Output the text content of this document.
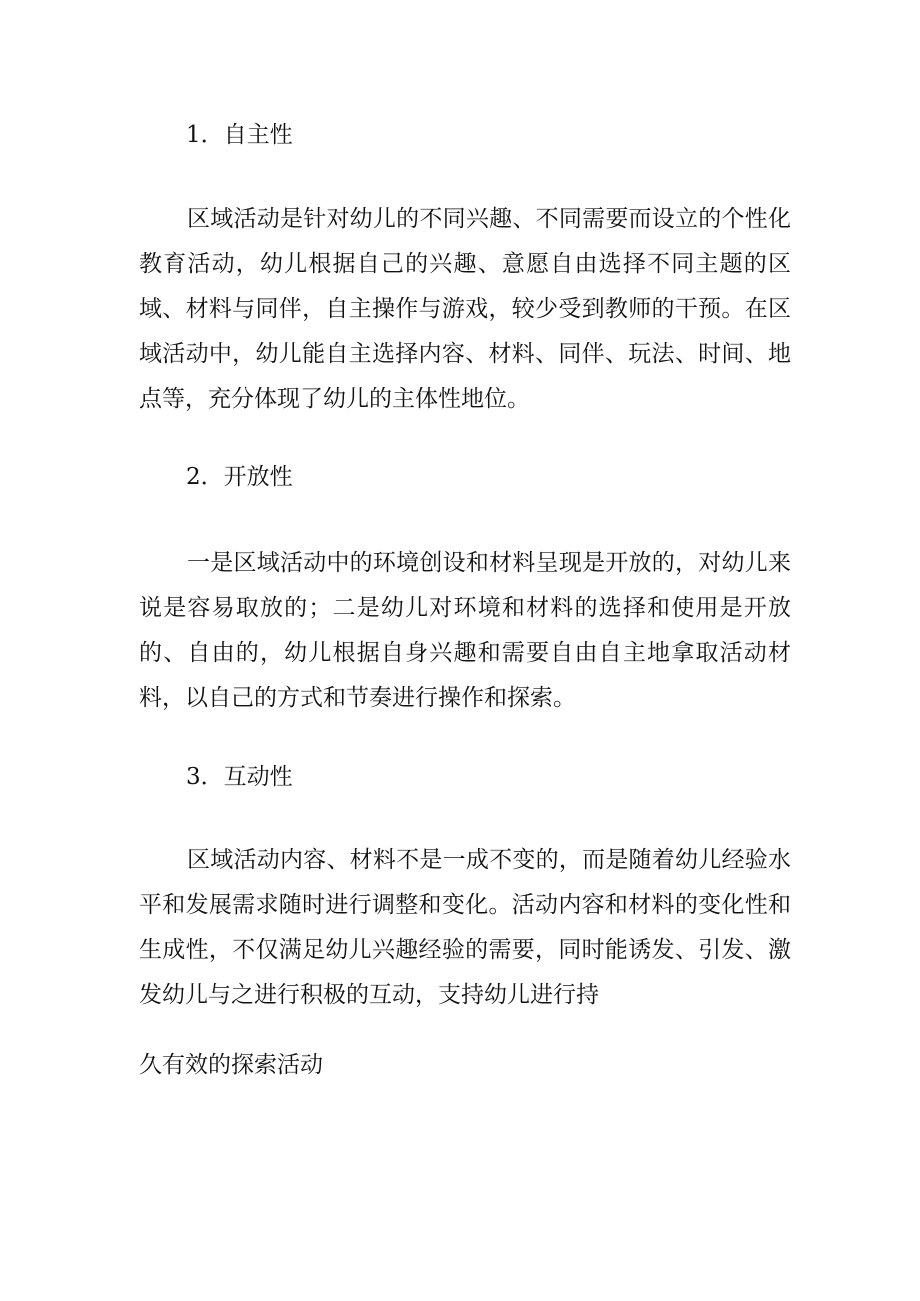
1．自主性

区域活动是针对幼儿的不同兴趣、不同需要而设立的个性化教育活动，幼儿根据自己的兴趣、意愿自由选择不同主题的区域、材料与同伴，自主操作与游戏，较少受到教师的干预。在区域活动中，幼儿能自主选择内容、材料、同伴、玩法、时间、地点等，充分体现了幼儿的主体性地位。

2．开放性

一是区域活动中的环境创设和材料呈现是开放的，对幼儿来说是容易取放的；二是幼儿对环境和材料的选择和使用是开放的、自由的，幼儿根据自身兴趣和需要自由自主地拿取活动材料，以自己的方式和节奏进行操作和探索。

3．互动性

区域活动内容、材料不是一成不变的，而是随着幼儿经验水平和发展需求随时进行调整和变化。活动内容和材料的变化性和生成性，不仅满足幼儿兴趣经验的需要，同时能诱发、引发、激发幼儿与之进行积极的互动，支持幼儿进行持

久有效的探索活动
